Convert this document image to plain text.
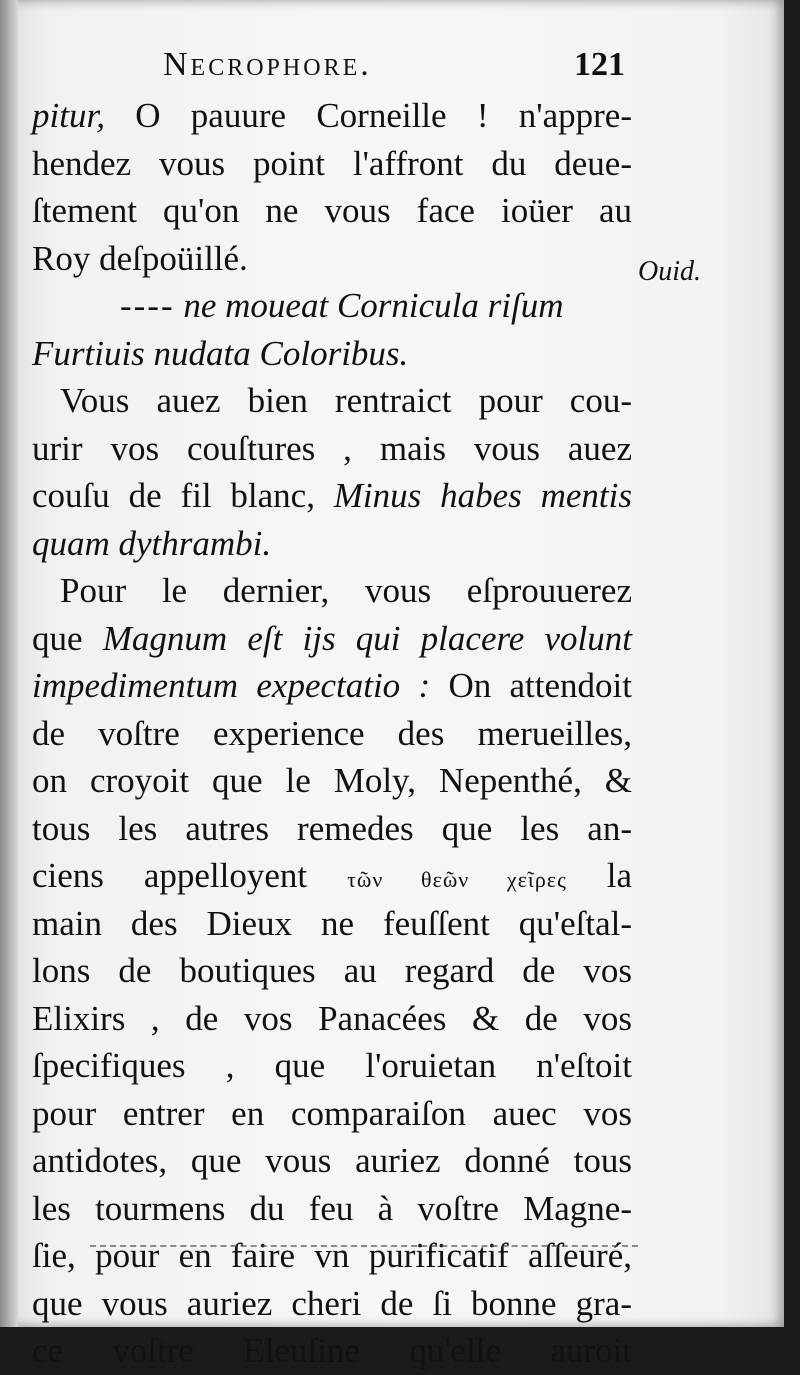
Necrophore.	121
Ouid.
pitur, O pauure Corneille ! n'appre-
hendez vous point l'affront du deue-
ſtement qu'on ne vous face ioüer au
Roy deſpoüillé.
---- ne moueat Cornicula riſum
Furtiuis nudata Coloribus.
Vous auez bien rentraict pour cou-
urir vos couſtures , mais vous auez
couſu de fil blanc, Minus habes mentis
quam dythrambi.
Pour le dernier, vous eſprouuerez
que Magnum eſt ijs qui placere volunt
impedimentum expectatio : On attendoit
de voſtre experience des merueilles,
on croyoit que le Moly, Nepenthé, &
tous les autres remedes que les an-
ciens appelloyent τῶν θεῶν χεῖρες la
main des Dieux ne feuſſent qu'eſtal-
lons de boutiques au regard de vos
Elixirs , de vos Panacées & de vos
ſpecifiques , que l'oruietan n'eſtoit
pour entrer en comparaiſon auec vos
antidotes, que vous auriez donné tous
les tourmens du feu à voſtre Magne-
ſie, pour en faire vn purificatif aſſeuré,
que vous auriez cheri de ſi bonne gra-
ce voſtre Eleuſine qu'elle auroit
